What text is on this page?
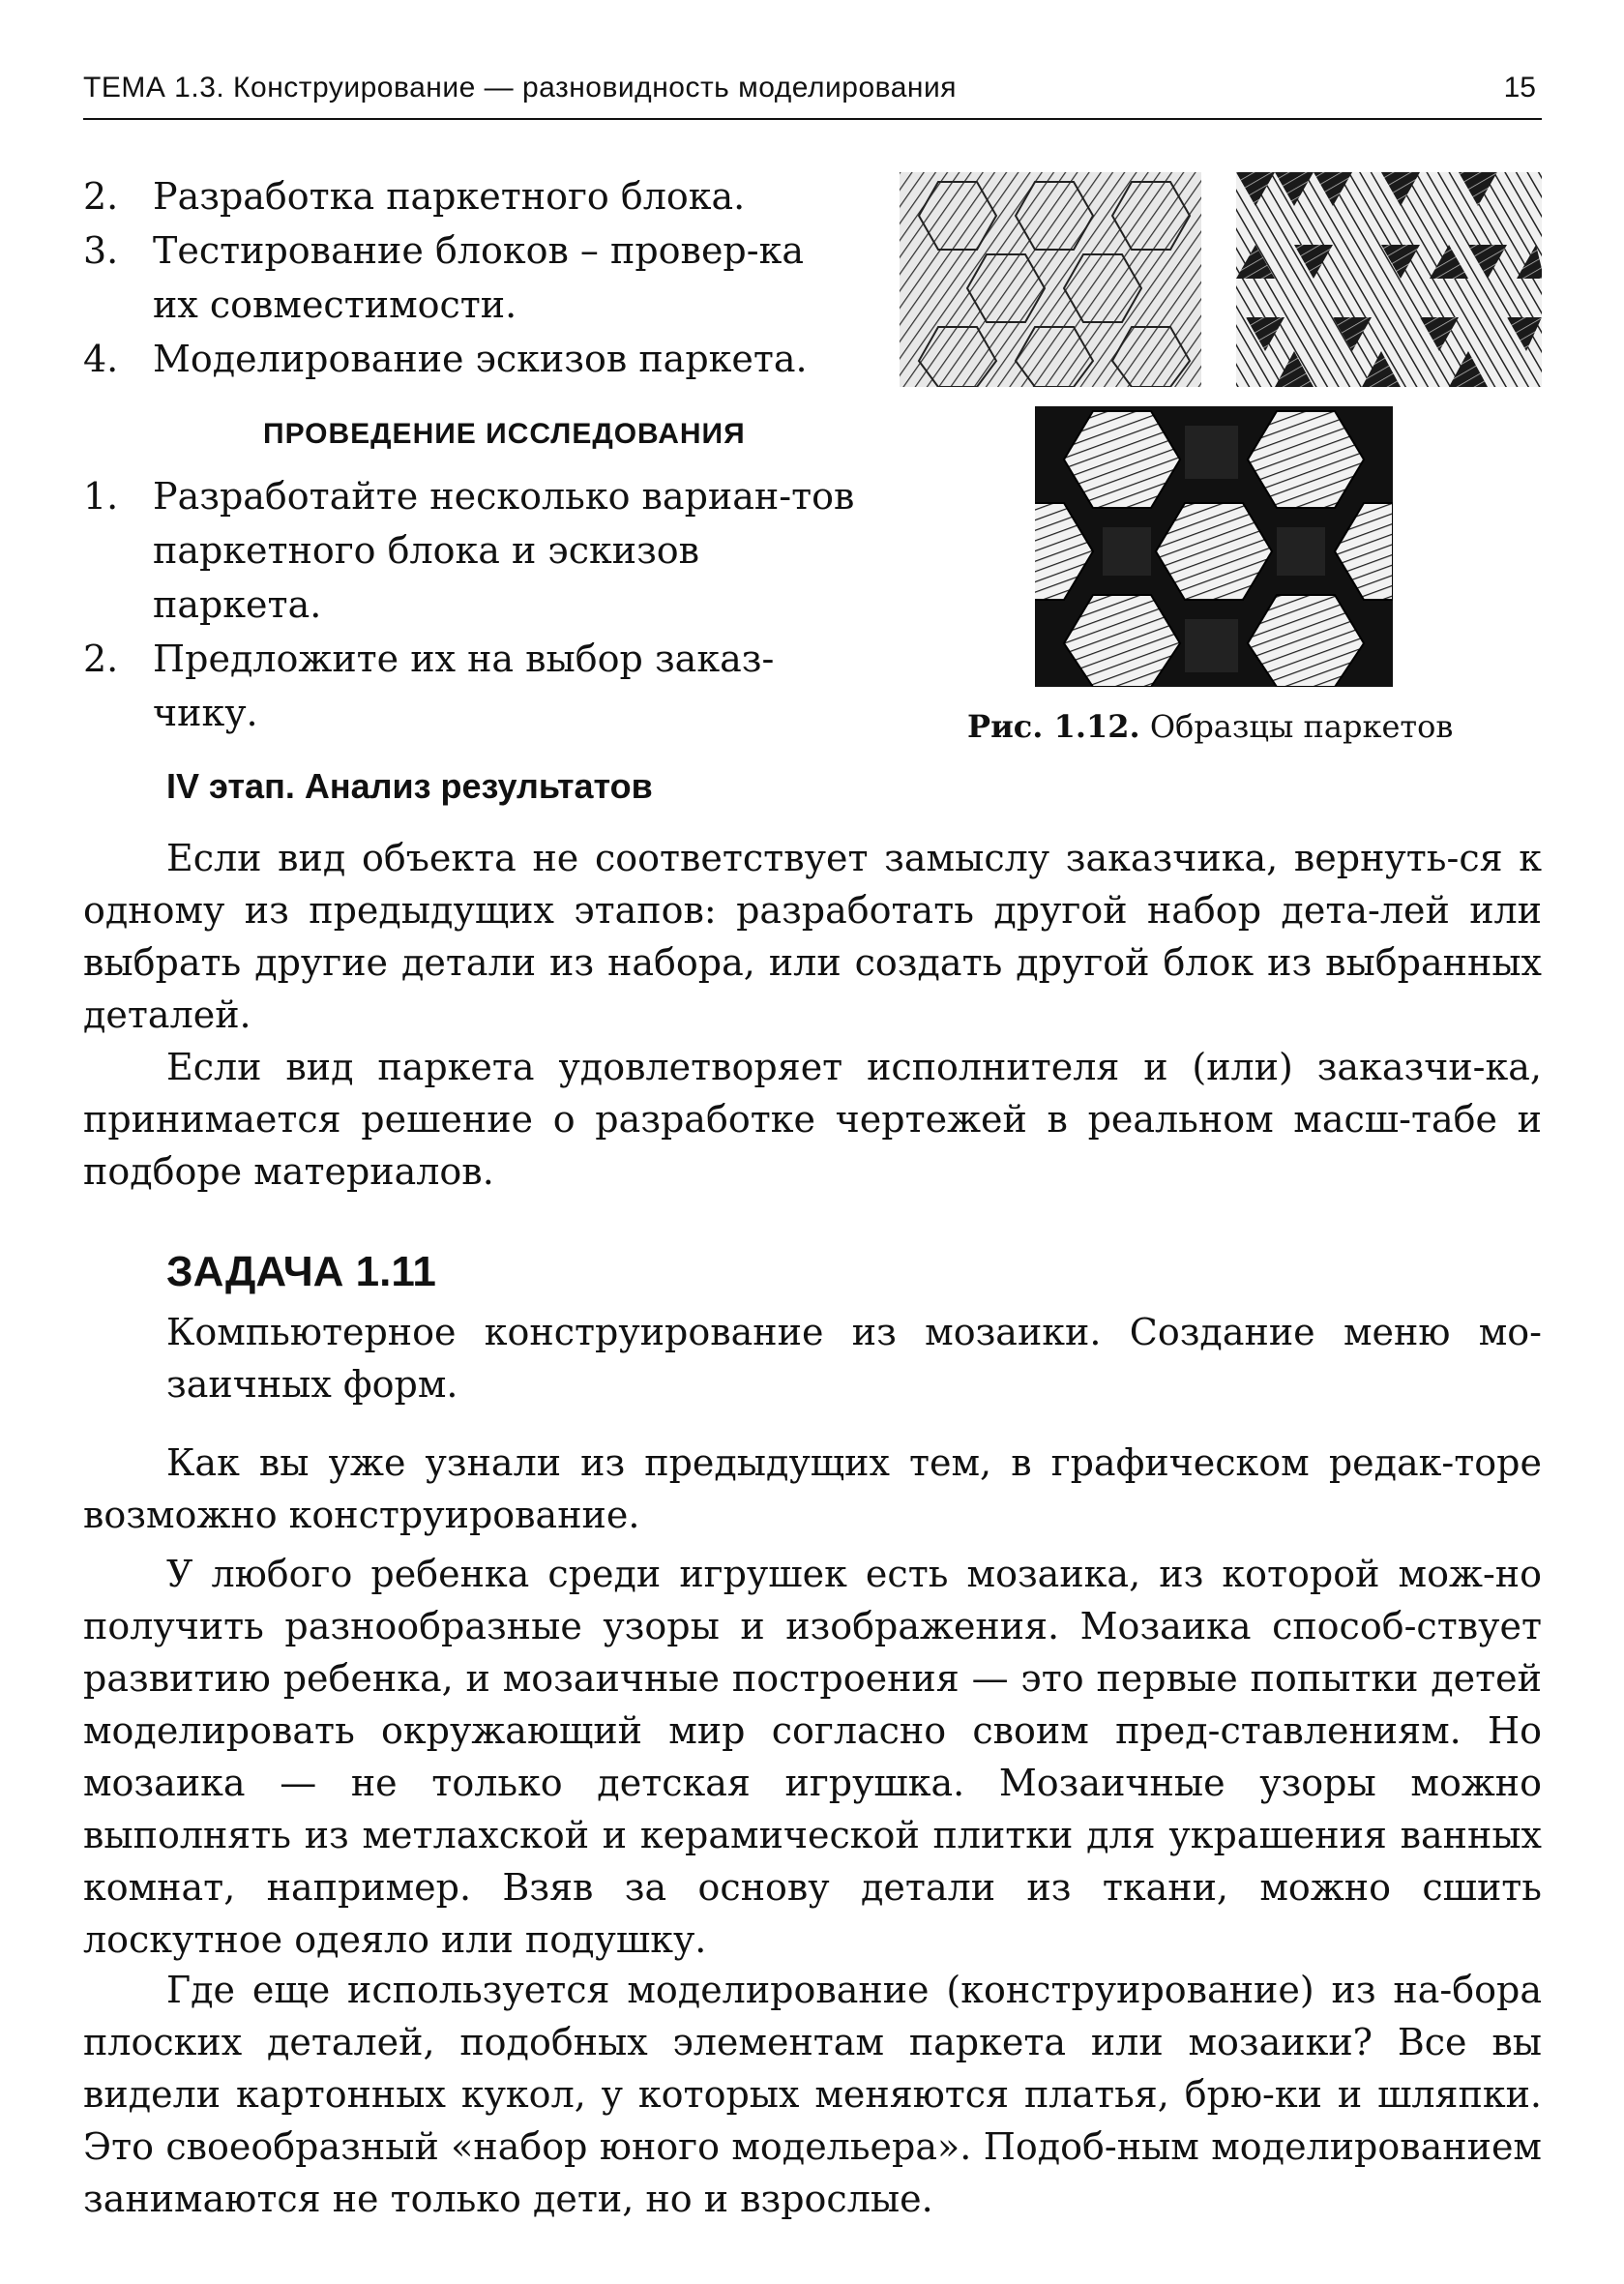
ТЕМА 1.3. Конструирование — разновидность моделирования	15
2. Разработка паркетного блока.
3. Тестирование блоков – провер-ка их совместимости.
4. Моделирование эскизов паркета.
ПРОВЕДЕНИЕ ИССЛЕДОВАНИЯ
1. Разработайте несколько вариан-тов паркетного блока и эскизов паркета.
2. Предложите их на выбор заказ-чику.	Рис. 1.12. Образцы паркетов
IV этап. Анализ результатов

Если вид объекта не соответствует замыслу заказчика, вернуть-ся к одному из предыдущих этапов: разработать другой набор дета-лей или выбрать другие детали из набора, или создать другой блок из выбранных деталей.

Если вид паркета удовлетворяет исполнителя и (или) заказчи-ка, принимается решение о разработке чертежей в реальном масш-табе и подборе материалов.

ЗАДАЧА 1.11

Компьютерное конструирование из мозаики. Создание меню мо-заичных форм.

Как вы уже узнали из предыдущих тем, в графическом редак-торе возможно конструирование.

У любого ребенка среди игрушек есть мозаика, из которой мож-но получить разнообразные узоры и изображения. Мозаика способ-ствует развитию ребенка, и мозаичные построения — это первые попытки детей моделировать окружающий мир согласно своим пред-ставлениям. Но мозаика — не только детская игрушка. Мозаичные узоры можно выполнять из метлахской и керамической плитки для украшения ванных комнат, например. Взяв за основу детали из ткани, можно сшить лоскутное одеяло или подушку.

Где еще используется моделирование (конструирование) из на-бора плоских деталей, подобных элементам паркета или мозаики? Все вы видели картонных кукол, у которых меняются платья, брю-ки и шляпки. Это своеобразный «набор юного модельера». Подоб-ным моделированием занимаются не только дети, но и взрослые.
